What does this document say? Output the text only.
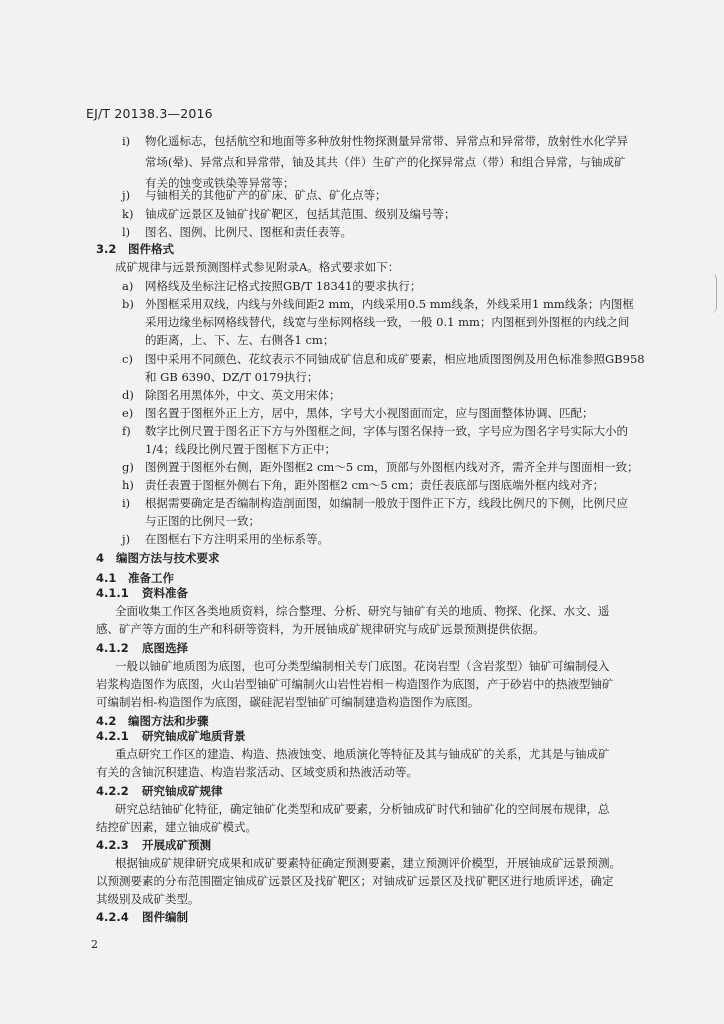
EJ/T 20138.3—2016
i) 物化遥标志，包括航空和地面等多种放射性物探测量异常带、异常点和异常带，放射性水化学异
常场(晕)、异常点和异常带，铀及其共（伴）生矿产的化探异常点（带）和组合异常，与铀成矿
有关的蚀变或铁染等异常等；
j) 与铀相关的其他矿产的矿床、矿点、矿化点等；
k) 铀成矿远景区及铀矿找矿靶区，包括其范围、级别及编号等；
l) 图名、图例、比例尺、图框和责任表等。
3.2 图件格式
成矿规律与远景预测图样式参见附录A。格式要求如下：
a) 网格线及坐标注记格式按照GB/T 18341的要求执行；
b) 外图框采用双线，内线与外线间距2 mm，内线采用0.5 mm线条，外线采用1 mm线条；内图框
采用边缘坐标网格线替代，线宽与坐标网格线一致，一般 0.1 mm；内图框到外图框的内线之间
的距离，上、下、左、右侧各1 cm；
c) 图中采用不同颜色、花纹表示不同铀成矿信息和成矿要素，相应地质图图例及用色标准参照GB958
和 GB 6390、DZ/T 0179执行；
d) 除图名用黑体外，中文、英文用宋体；
e) 图名置于图框外正上方，居中，黑体，字号大小视图面而定，应与图面整体协调、匹配；
f) 数字比例尺置于图名正下方与外图框之间，字体与图名保持一致，字号应为图名字号实际大小的
1/4；线段比例尺置于图框下方正中；
g) 图例置于图框外右侧，距外图框2 cm～5 cm，顶部与外图框内线对齐，需齐全并与图面相一致；
h) 责任表置于图框外侧右下角，距外图框2 cm～5 cm；责任表底部与图底端外框内线对齐；
i) 根据需要确定是否编制构造剖面图，如编制一般放于图件正下方，线段比例尺的下侧，比例尺应
与正图的比例尺一致；
j) 在图框右下方注明采用的坐标系等。
4 编图方法与技术要求
4.1 准备工作
4.1.1 资料准备
全面收集工作区各类地质资料，综合整理、分析、研究与铀矿有关的地质、物探、化探、水文、遥
感、矿产等方面的生产和科研等资料，为开展铀成矿规律研究与成矿远景预测提供依据。
4.1.2 底图选择
一般以铀矿地质图为底图，也可分类型编制相关专门底图。花岗岩型（含岩浆型）铀矿可编制侵入
岩浆构造图作为底图，火山岩型铀矿可编制火山岩性岩相－构造图作为底图，产于砂岩中的热液型铀矿
可编制岩相-构造图作为底图，碳硅泥岩型铀矿可编制建造构造图作为底图。
4.2 编图方法和步骤
4.2.1 研究铀成矿地质背景
重点研究工作区的建造、构造、热液蚀变、地质演化等特征及其与铀成矿的关系，尤其是与铀成矿
有关的含铀沉积建造、构造岩浆活动、区域变质和热液活动等。
4.2.2 研究铀成矿规律
研究总结铀矿化特征，确定铀矿化类型和成矿要素，分析铀成矿时代和铀矿化的空间展布规律，总
结控矿因素，建立铀成矿模式。
4.2.3 开展成矿预测
根据铀成矿规律研究成果和成矿要素特征确定预测要素，建立预测评价模型，开展铀成矿远景预测。
以预测要素的分布范围圈定铀成矿远景区及找矿靶区；对铀成矿远景区及找矿靶区进行地质评述，确定
其级别及成矿类型。
4.2.4 图件编制
2
